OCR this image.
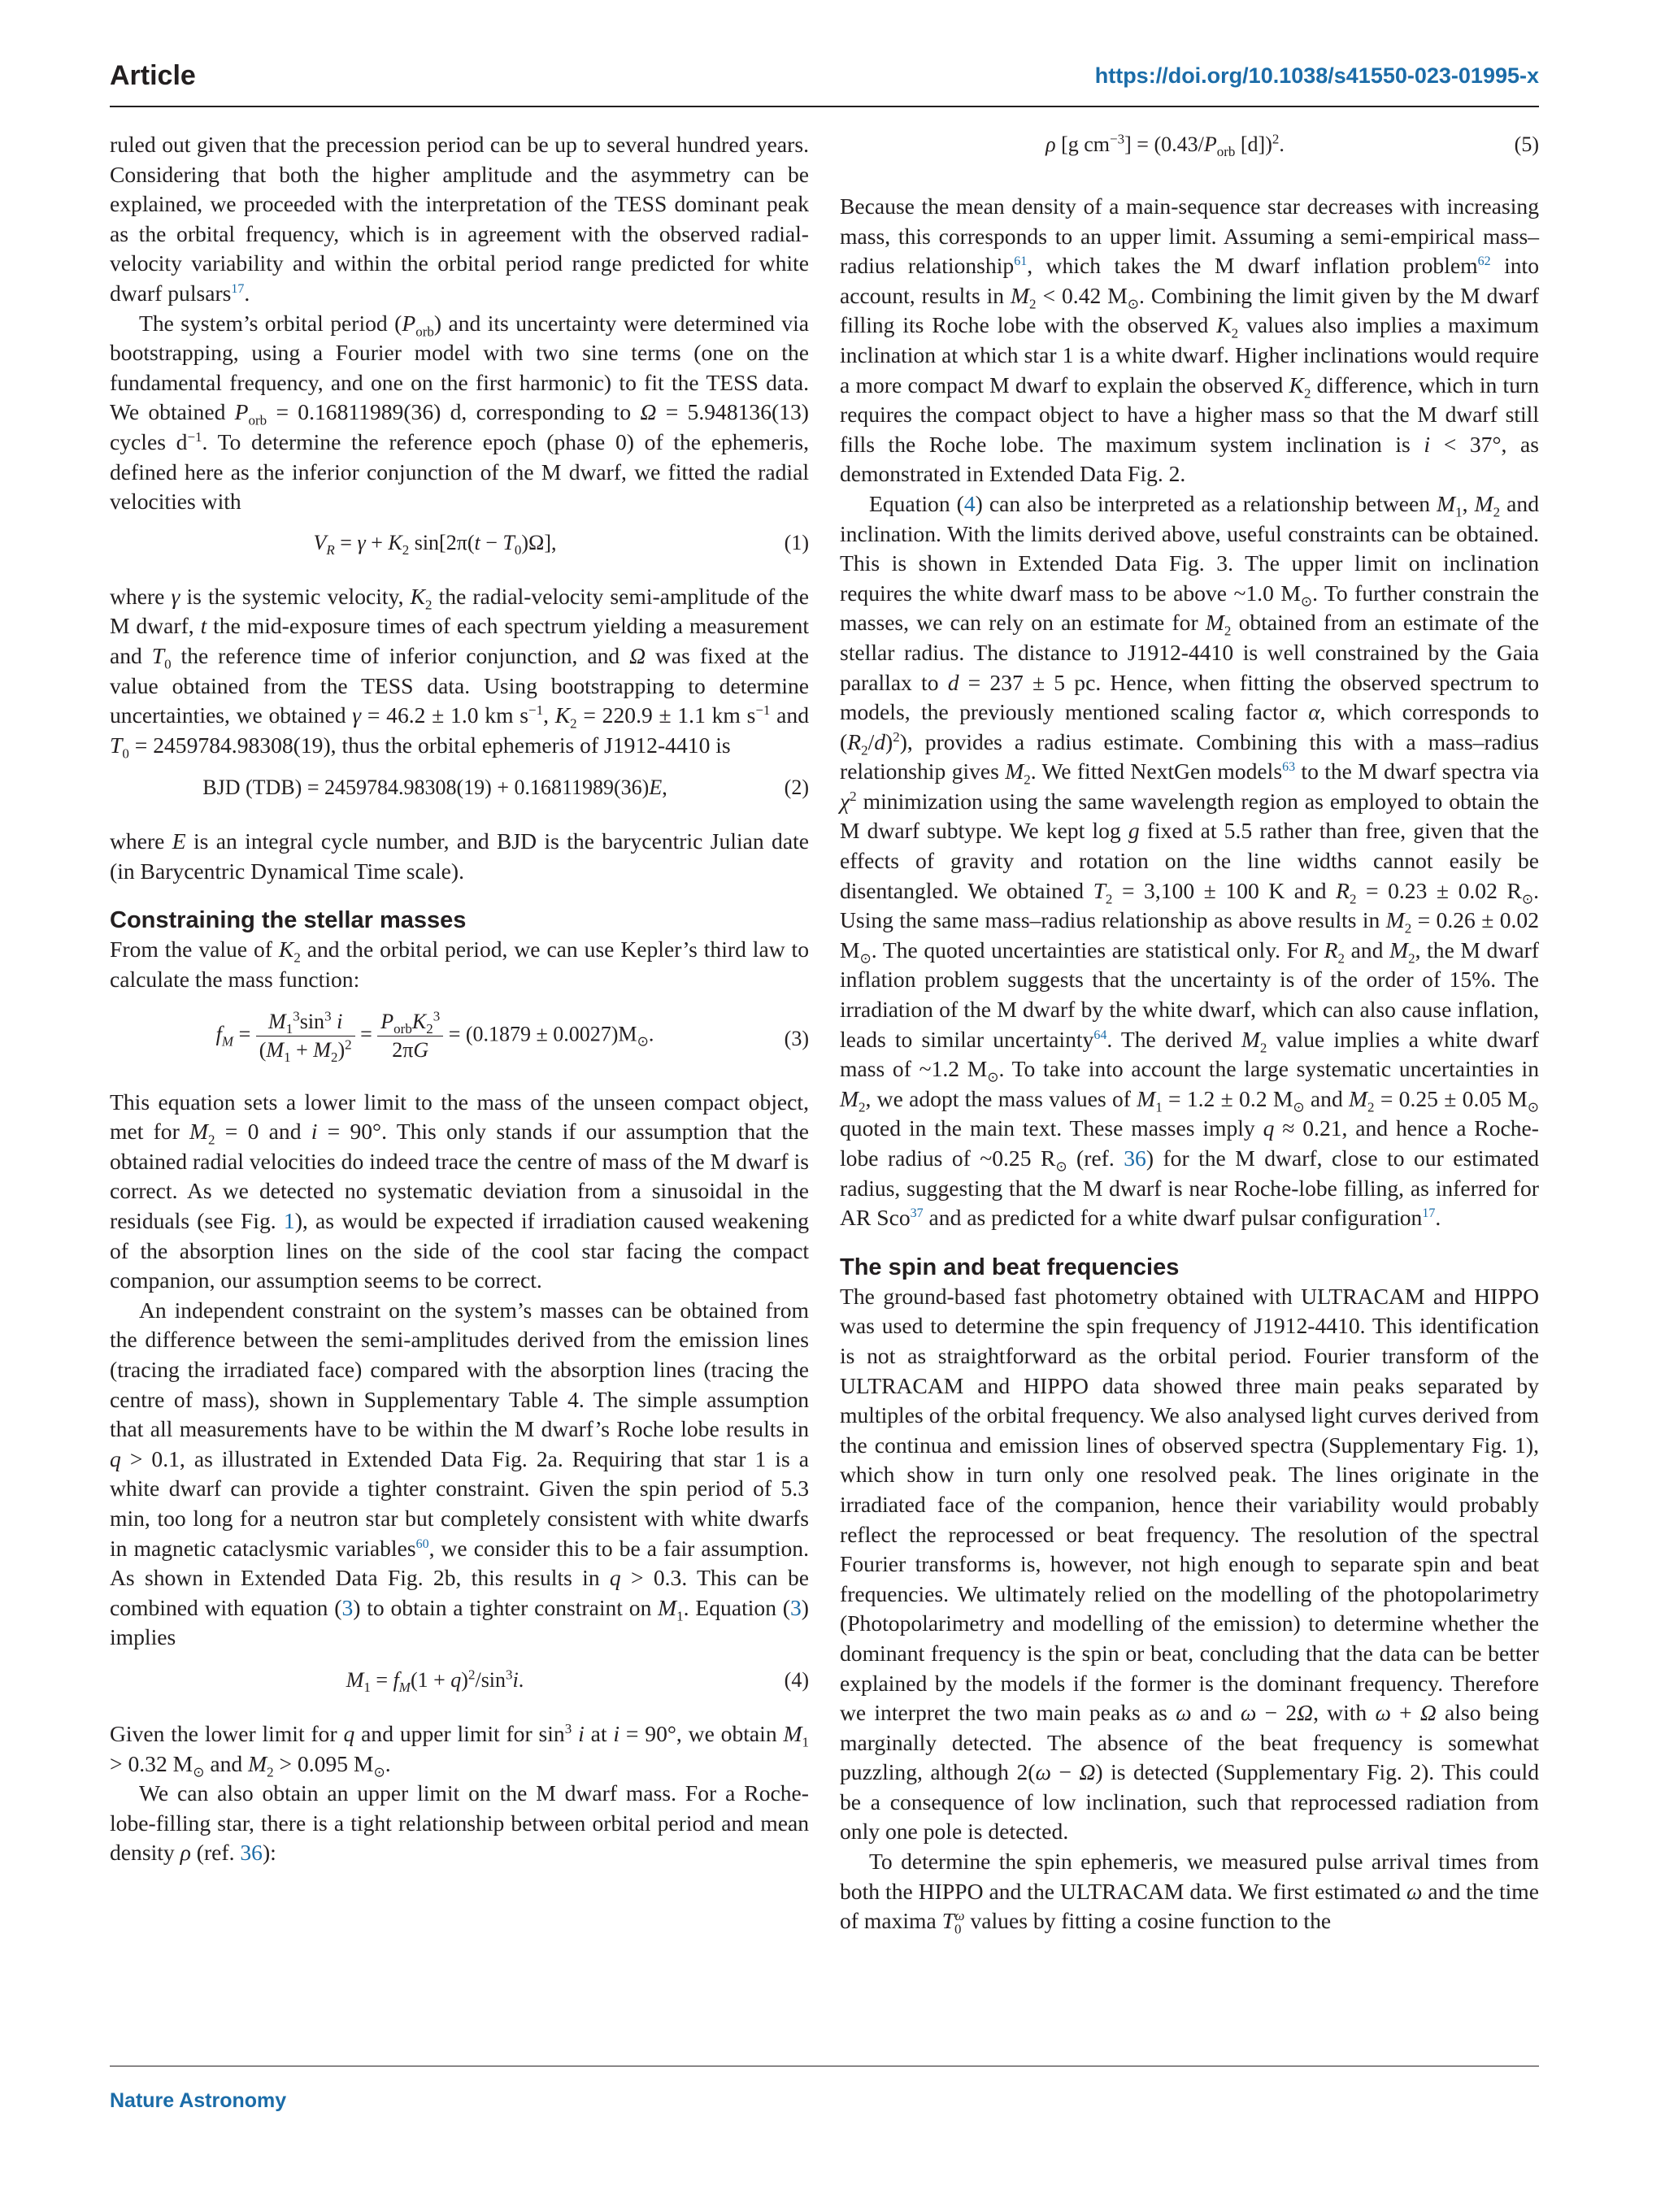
Article	https://doi.org/10.1038/s41550-023-01995-x

ruled out given that the precession period can be up to several hundred years. Considering that both the higher amplitude and the asymmetry can be explained, we proceeded with the interpretation of the TESS dominant peak as the orbital frequency, which is in agreement with the observed radial-velocity variability and within the orbital period range predicted for white dwarf pulsars$^{17}$.

The system’s orbital period $(P_{orb})$ and its uncertainty were determined via bootstrapping, using a Fourier model with two sine terms (one on the fundamental frequency, and one on the first harmonic) to fit the TESS data. We obtained $P_{orb} = 0.16811989(36)$ d, corresponding to Ω = 5.948136(13) cycles $d^{-1}$. To determine the reference epoch (phase 0) of the ephemeris, defined here as the inferior conjunction of the M dwarf, we fitted the radial velocities with

$V_R = \gamma + K_2$ $\sin[2\pi(t - T_0)\Omega]$,	(1)

where γ is the systemic velocity, $K_2$ the radial-velocity semi-amplitude of the M dwarf, t the mid-exposure times of each spectrum yielding a measurement and $T_0$ the reference time of inferior conjunction, and Ω was fixed at the value obtained from the TESS data. Using bootstrapping to determine uncertainties, we obtained γ = 46.2 ± 1.0 km $s^{-1}$, $K_2 = 220.9 \pm 1.1$ km $s^{-1}$ and $T_0 = 2459784.98308(19)$, thus the orbital ephemeris of J1912-4410 is

BJD (TDB) = 2459784.98308(19) + 0.16811989(36)E,	(2)

where E is an integral cycle number, and BJD is the barycentric Julian date (in Barycentric Dynamical Time scale).

Constraining the stellar masses

From the value of $K_2$ and the orbital period, we can use Kepler’s third law to calculate the mass function:

$f_M = \frac{M_1^3\sin^3 i}{(M_1 + M_2)^2} = \frac{P_{orb}K_2^3}{2\pi G} = (0.1879 \pm 0.0027)M_⊙$.	(3)

This equation sets a lower limit to the mass of the unseen compact object, met for $M_2 = 0$ and i = 90°. This only stands if our assumption that the obtained radial velocities do indeed trace the centre of mass of the M dwarf is correct. As we detected no systematic deviation from a sinusoidal in the residuals (see Fig. 1), as would be expected if irradiation caused weakening of the absorption lines on the side of the cool star facing the compact companion, our assumption seems to be correct.

An independent constraint on the system’s masses can be obtained from the difference between the semi-amplitudes derived from the emission lines (tracing the irradiated face) compared with the absorption lines (tracing the centre of mass), shown in Supplementary Table 4. The simple assumption that all measurements have to be within the M dwarf’s Roche lobe results in q > 0.1, as illustrated in Extended Data Fig. 2a. Requiring that star 1 is a white dwarf can provide a tighter constraint. Given the spin period of 5.3 min, too long for a neutron star but completely consistent with white dwarfs in magnetic cataclysmic variables$^{60}$, we consider this to be a fair assumption. As shown in Extended Data Fig. 2b, this results in q > 0.3. This can be combined with equation (3) to obtain a tighter constraint on $M_1$. Equation (3) implies

$M_1 = f_M(1 + q)^2/\sin^3i$.	(4)

Given the lower limit for q and upper limit for $\sin^3 i$ at i = 90°, we obtain $M_1 > 0.32$ $M_⊙$ and $M_2 > 0.095$ $M_⊙$.

We can also obtain an upper limit on the M dwarf mass. For a Roche-lobe-filling star, there is a tight relationship between orbital period and mean density ρ (ref. 36):

ρ [g $cm^{-3}] = (0.43/P_{orb}$ [d])$^2$.	(5)

Because the mean density of a main-sequence star decreases with increasing mass, this corresponds to an upper limit. Assuming a semi-empirical mass–radius relationship$^{61}$, which takes the M dwarf inflation problem$^{62}$ into account, results in $M_2 < 0.42$ $M_⊙$. Combining the limit given by the M dwarf filling its Roche lobe with the observed $K_2$ values also implies a maximum inclination at which star 1 is a white dwarf. Higher inclinations would require a more compact M dwarf to explain the observed $K_2$ difference, which in turn requires the compact object to have a higher mass so that the M dwarf still fills the Roche lobe. The maximum system inclination is i < 37°, as demonstrated in Extended Data Fig. 2.

Equation (4) can also be interpreted as a relationship between $M_1$, $M_2$ and inclination. With the limits derived above, useful constraints can be obtained. This is shown in Extended Data Fig. 3. The upper limit on inclination requires the white dwarf mass to be above ~1.0 $M_⊙$. To further constrain the masses, we can rely on an estimate for $M_2$ obtained from an estimate of the stellar radius. The distance to J1912-4410 is well constrained by the Gaia parallax to d = 237 ± 5 pc. Hence, when fitting the observed spectrum to models, the previously mentioned scaling factor α, which corresponds to $(R_2/d)^2$), provides a radius estimate. Combining this with a mass–radius relationship gives $M_2$. We fitted NextGen models$^{63}$ to the M dwarf spectra via $\chi^2$ minimization using the same wavelength region as employed to obtain the M dwarf subtype. We kept log g fixed at 5.5 rather than free, given that the effects of gravity and rotation on the line widths cannot easily be disentangled. We obtained $T_2 = 3,100 \pm 100$ K and $R_2 = 0.23 \pm 0.02$ $R_⊙$. Using the same mass–radius relationship as above results in $M_2 = 0.26 \pm 0.02$ $M_⊙$. The quoted uncertainties are statistical only. For $R_2$ and $M_2$, the M dwarf inflation problem suggests that the uncertainty is of the order of 15%. The irradiation of the M dwarf by the white dwarf, which can also cause inflation, leads to similar uncertainty$^{64}$. The derived $M_2$ value implies a white dwarf mass of ~1.2 $M_⊙$. To take into account the large systematic uncertainties in $M_2$, we adopt the mass values of $M_1 = 1.2 \pm 0.2$ $M_⊙$ and $M_2 = 0.25 \pm 0.05$ $M_⊙$ quoted in the main text. These masses imply q ≈ 0.21, and hence a Roche-lobe radius of ~0.25 $R_⊙$ (ref. 36) for the M dwarf, close to our estimated radius, suggesting that the M dwarf is near Roche-lobe filling, as inferred for AR Sco$^{37}$ and as predicted for a white dwarf pulsar configuration$^{17}$.

The spin and beat frequencies

The ground-based fast photometry obtained with ULTRACAM and HIPPO was used to determine the spin frequency of J1912-4410. This identification is not as straightforward as the orbital period. Fourier transform of the ULTRACAM and HIPPO data showed three main peaks separated by multiples of the orbital frequency. We also analysed light curves derived from the continua and emission lines of observed spectra (Supplementary Fig. 1), which show in turn only one resolved peak. The lines originate in the irradiated face of the companion, hence their variability would probably reflect the reprocessed or beat frequency. The resolution of the spectral Fourier transforms is, however, not high enough to separate spin and beat frequencies. We ultimately relied on the modelling of the photopolarimetry (Photopolarimetry and modelling of the emission) to determine whether the dominant frequency is the spin or beat, concluding that the data can be better explained by the models if the former is the dominant frequency. Therefore we interpret the two main peaks as ω and ω − 2Ω, with ω + Ω also being marginally detected. The absence of the beat frequency is somewhat puzzling, although 2(ω − Ω) is detected (Supplementary Fig. 2). This could be a consequence of low inclination, such that reprocessed radiation from only one pole is detected.

To determine the spin ephemeris, we measured pulse arrival times from both the HIPPO and the ULTRACAM data. We first estimated ω and the time of maxima $T_0^\omega$ values by fitting a cosine function to the

Nature Astronomy
